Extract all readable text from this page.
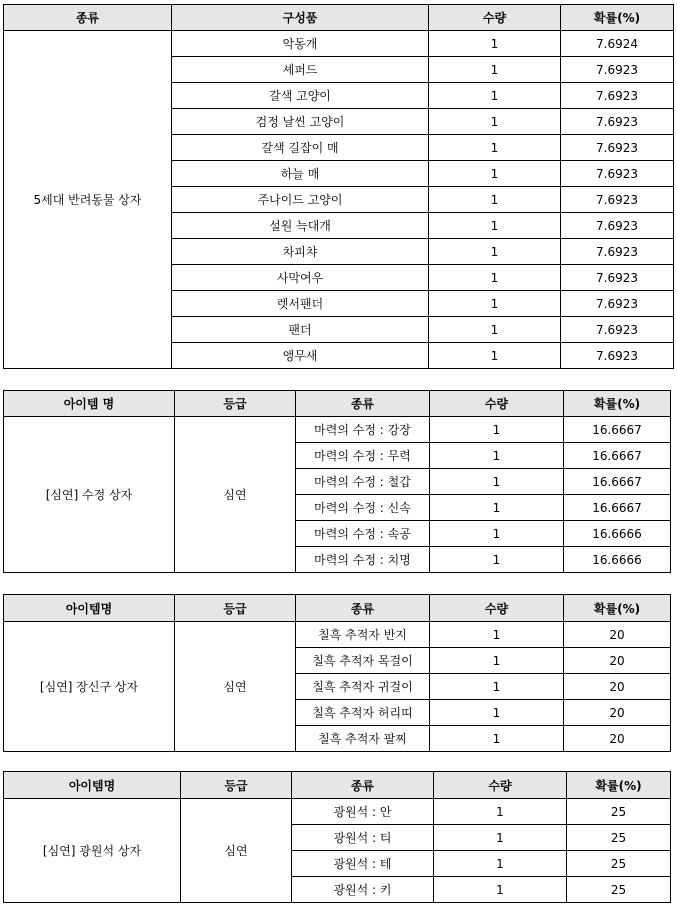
종류	구성품	수량	확률(%)
5세대 반려동물 상자	악동개	1	7.6924
	셰퍼드	1	7.6923
	갈색 고양이	1	7.6923
	검정 날씬 고양이	1	7.6923
	갈색 길잡이 매	1	7.6923
	하늘 매	1	7.6923
	주나이드 고양이	1	7.6923
	설원 늑대개	1	7.6923
	차피챠	1	7.6923
	사막여우	1	7.6923
	렛서팬더	1	7.6923
	팬더	1	7.6923
	앵무새	1	7.6923
아이템 명	등급	종류	수량	확률(%)
[심연] 수정 상자	심연	마력의 수정 : 강장	1	16.6667
		마력의 수정 : 무력	1	16.6667
		마력의 수정 : 철갑	1	16.6667
		마력의 수정 : 신속	1	16.6667
		마력의 수정 : 속공	1	16.6666
		마력의 수정 : 치명	1	16.6666
아이템명	등급	종류	수량	확률(%)
[심연] 장신구 상자	심연	칠흑 추적자 반지	1	20
		칠흑 추적자 목걸이	1	20
		칠흑 추적자 귀걸이	1	20
		칠흑 추적자 허리띠	1	20
		칠흑 추적자 팔찌	1	20
아이템명	등급	종류	수량	확률(%)
[심연] 광원석 상자	심연	광원석 : 안	1	25
		광원석 : 티	1	25
		광원석 : 테	1	25
		광원석 : 키	1	25
